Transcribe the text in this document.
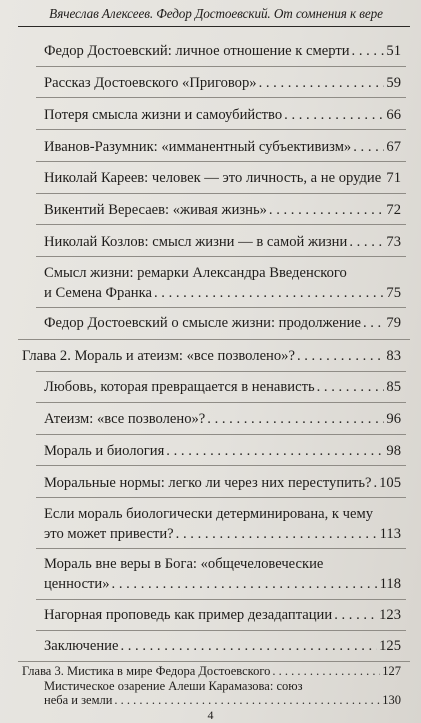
Вячеслав Алексеев. Федор Достоевский. От сомнения к вере
Федор Достоевский: личное отношение к смерти . . .	51
Рассказ Достоевского «Приговор» . . .	59
Потеря смысла жизни и самоубийство . . .	66
Иванов-Разумник: «имманентный субъективизм» . . . 67
Николай Кареев: человек — это личность, а не орудие . . . 71
Викентий Вересаев: «живая жизнь» . . .	72
Николай Козлов: смысл жизни — в самой жизни . . .	73
Смысл жизни: ремарки Александра Введенского
и Семена Франка . . .	75
Федор Достоевский о смысле жизни: продолжение . . . 79
Глава 2. Мораль и атеизм: «все позволено»? . . .	83
Любовь, которая превращается в ненависть . . .	85
Атеизм: «все позволено»? . . .	96
Мораль и биология . . .	98
Моральные нормы: легко ли через них переступить? . . . 105
Если мораль биологически детерминирована, к чему
это может привести? . . .	113
Мораль вне веры в Бога: «общечеловеческие
ценности» . . .	118
Нагорная проповедь как пример дезадаптации . . .	123
Заключение . . .	125
Глава 3. Мистика в мире Федора Достоевского . . .	127
Мистическое озарение Алеши Карамазова: союз
неба и земли . . .	130
4
